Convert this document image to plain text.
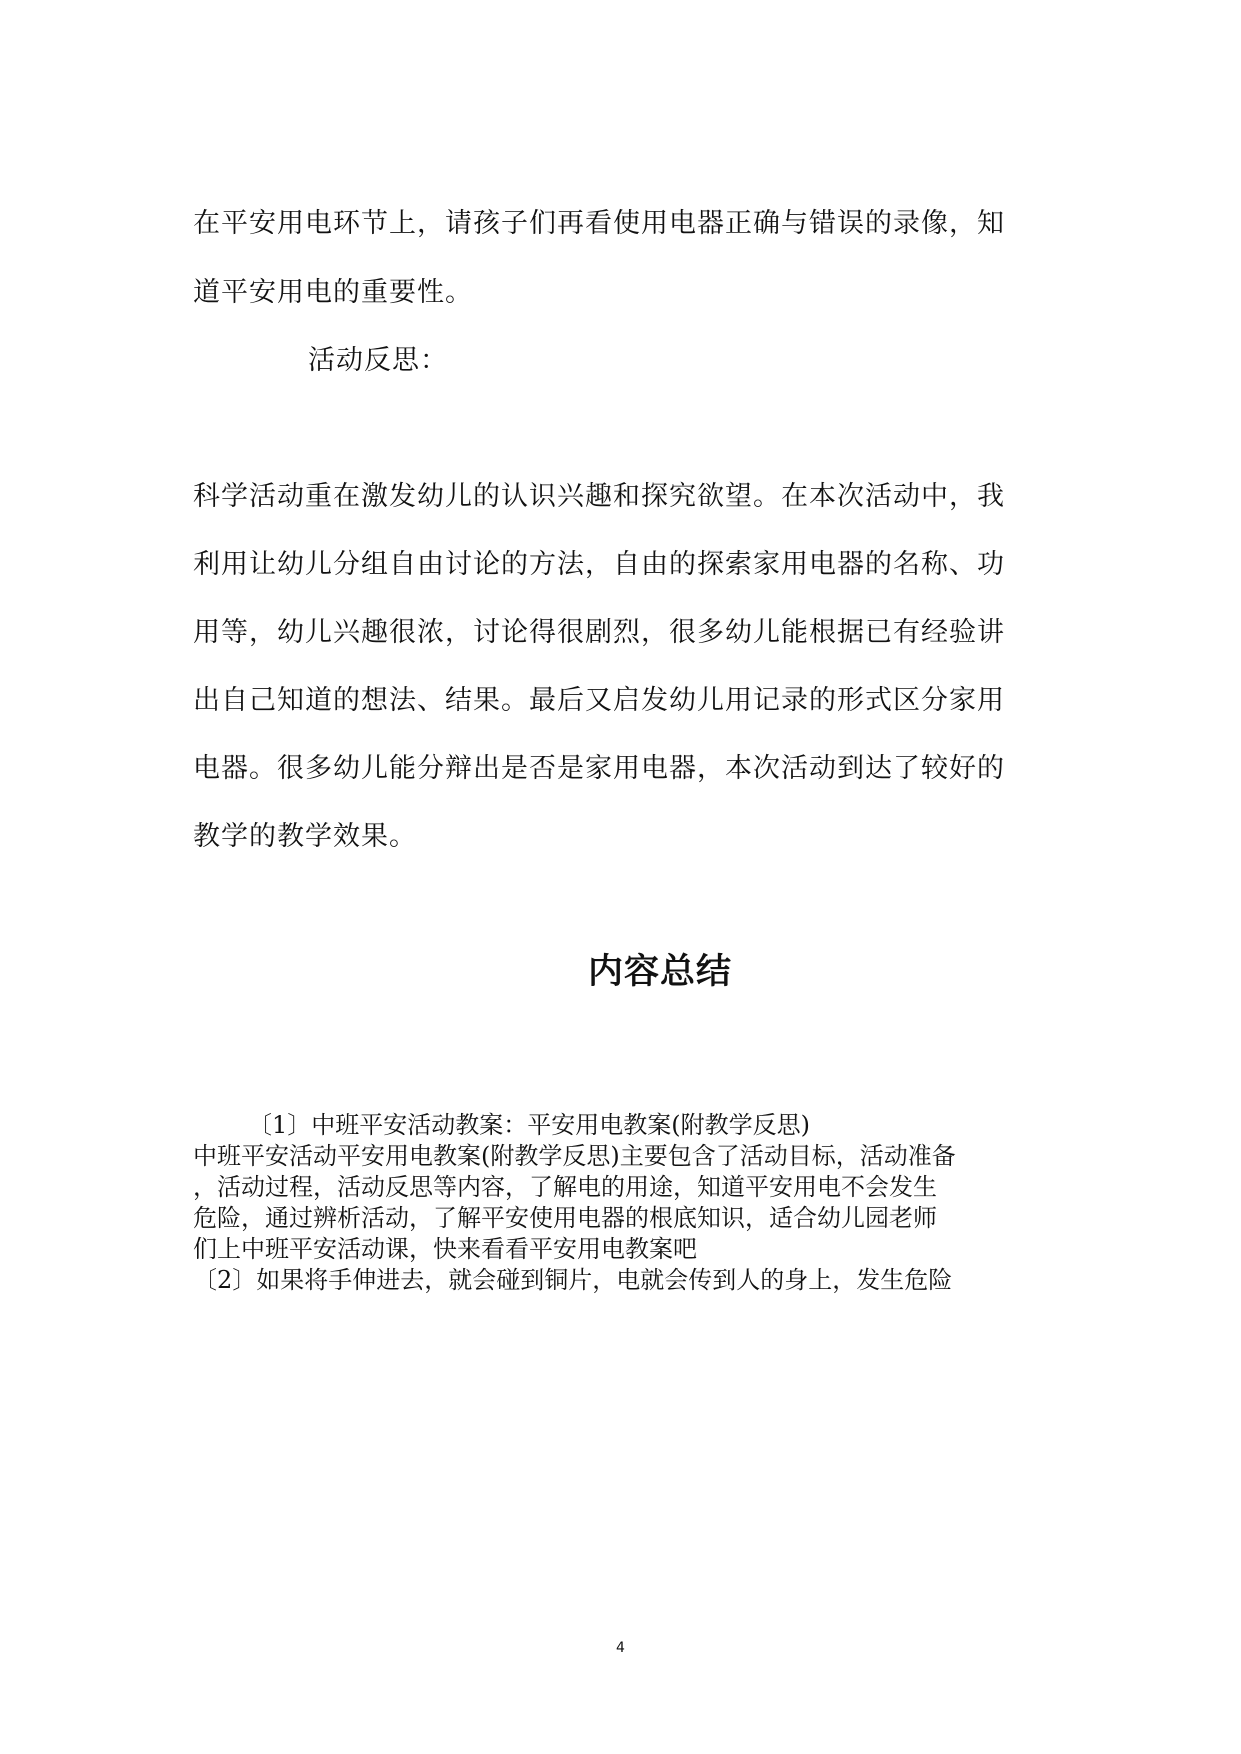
在平安用电环节上，请孩子们再看使用电器正确与错误的录像，知
道平安用电的重要性。
活动反思：
科学活动重在激发幼儿的认识兴趣和探究欲望。在本次活动中，我
利用让幼儿分组自由讨论的方法，自由的探索家用电器的名称、功
用等，幼儿兴趣很浓，讨论得很剧烈，很多幼儿能根据已有经验讲
出自己知道的想法、结果。最后又启发幼儿用记录的形式区分家用
电器。很多幼儿能分辩出是否是家用电器，本次活动到达了较好的
教学的教学效果。
内容总结
〔1〕中班平安活动教案：平安用电教案(附教学反思)
中班平安活动平安用电教案(附教学反思)主要包含了活动目标，活动准备
，活动过程，活动反思等内容，了解电的用途，知道平安用电不会发生
危险，通过辨析活动，了解平安使用电器的根底知识，适合幼儿园老师
们上中班平安活动课，快来看看平安用电教案吧
〔2〕如果将手伸进去，就会碰到铜片，电就会传到人的身上，发生危险
4
